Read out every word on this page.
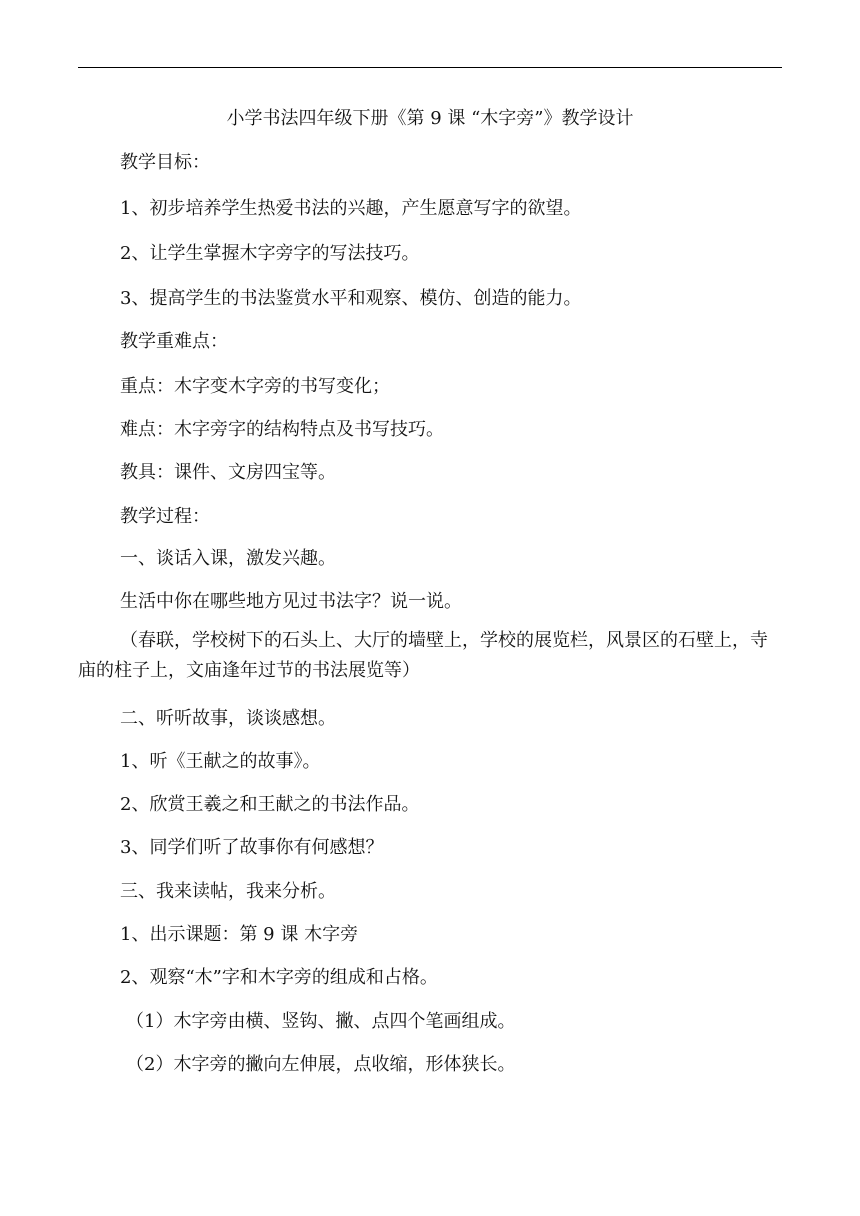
小学书法四年级下册《第 9 课 “木字旁”》教学设计
教学目标：
1、初步培养学生热爱书法的兴趣，产生愿意写字的欲望。
2、让学生掌握木字旁字的写法技巧。
3、提高学生的书法鉴赏水平和观察、模仿、创造的能力。
教学重难点：
重点：木字变木字旁的书写变化；
难点：木字旁字的结构特点及书写技巧。
教具：课件、文房四宝等。
教学过程：
一、谈话入课，激发兴趣。
生活中你在哪些地方见过书法字？说一说。
（春联，学校树下的石头上、大厅的墙壁上，学校的展览栏，风景区的石壁上，寺庙的柱子上，文庙逢年过节的书法展览等）
二、听听故事，谈谈感想。
1、听《王献之的故事》。
2、欣赏王羲之和王献之的书法作品。
3、同学们听了故事你有何感想？
三、我来读帖，我来分析。
1、出示课题：第 9 课 木字旁
2、观察“木”字和木字旁的组成和占格。
（1）木字旁由横、竖钩、撇、点四个笔画组成。
（2）木字旁的撇向左伸展，点收缩，形体狭长。
